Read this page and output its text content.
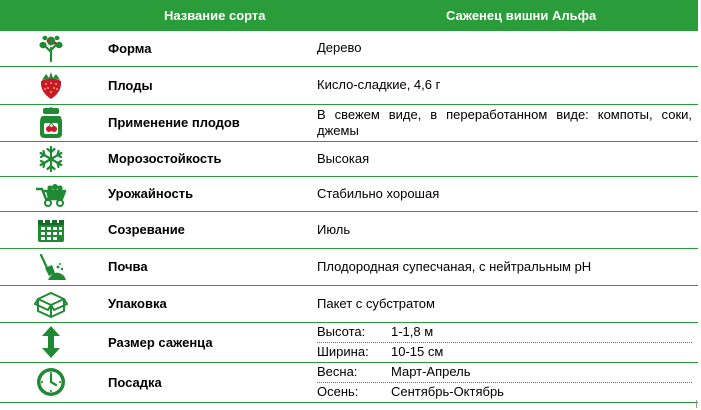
	Название сорта	Саженец вишни Альфа

	Форма	Дерево

	Плоды	Кисло-сладкие, 4,6 г

	Применение плодов	В свежем виде, в переработанном виде: компоты, соки, джемы

	Морозостойкость	Высокая

	Урожайность	Стабильно хорошая

	Созревание	Июль

	Почва	Плодородная супесчаная, с нейтральным pH

	Упаковка	Пакет с субстратом

	Размер саженца	Высота: 1-1,8 м
Ширина: 10-15 см

	Посадка	Весна: Март-Апрель
Осень: Сентябрь-Октябрь
